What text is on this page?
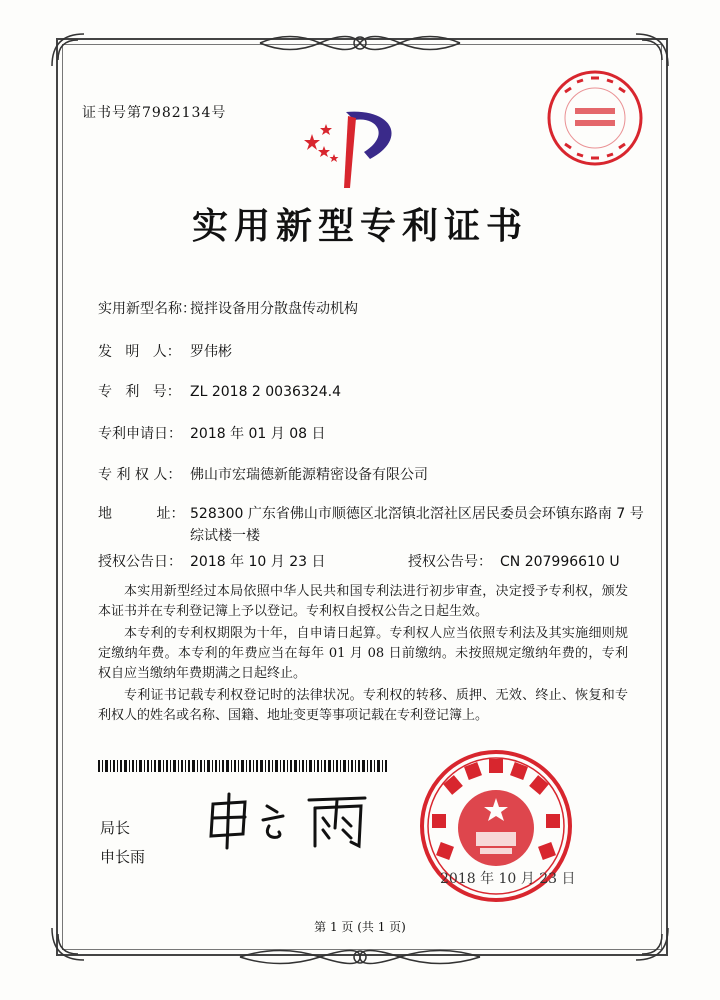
证书号第7982134号
实用新型专利证书
实用新型名称：搅拌设备用分散盘传动机构
发   明   人： 罗伟彬
专   利   号： ZL 2018 2 0036324.4
专利申请日： 2018 年 01 月 08 日
专 利 权 人： 佛山市宏瑞德新能源精密设备有限公司
地          址： 528300 广东省佛山市顺德区北滘镇北滘社区居民委员会环镇东路南 7 号综试楼一楼
授权公告日： 2018 年 10 月 23 日	授权公告号： CN 207996610 U
本实用新型经过本局依照中华人民共和国专利法进行初步审查，决定授予专利权，颁发本证书并在专利登记簿上予以登记。专利权自授权公告之日起生效。
本专利的专利权期限为十年，自申请日起算。专利权人应当依照专利法及其实施细则规定缴纳年费。本专利的年费应当在每年 01 月 08 日前缴纳。未按照规定缴纳年费的，专利权自应当缴纳年费期满之日起终止。
专利证书记载专利权登记时的法律状况。专利权的转移、质押、无效、终止、恢复和专利权人的姓名或名称、国籍、地址变更等事项记载在专利登记簿上。
局长
申长雨
2018 年 10 月 23 日
第 1 页 (共 1 页)
